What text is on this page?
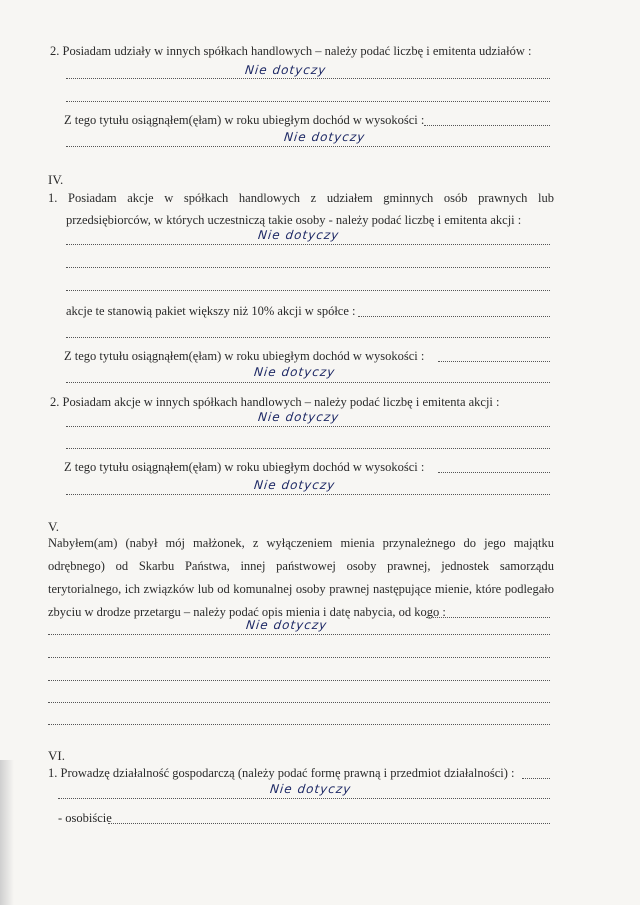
2. Posiadam udziały w innych spółkach handlowych – należy podać liczbę i emitenta udziałów :
Nie dotyczy
Z tego tytułu osiągnąłem(ęłam) w roku ubiegłym dochód w wysokości :
Nie dotyczy
IV.
1. Posiadam akcje w spółkach handlowych z udziałem gminnych osób prawnych lub
przedsiębiorców, w których uczestniczą takie osoby - należy podać liczbę i emitenta akcji :
Nie dotyczy
akcje te stanowią pakiet większy niż 10% akcji w spółce :
Z tego tytułu osiągnąłem(ęłam) w roku ubiegłym dochód w wysokości :
Nie dotyczy
2. Posiadam akcje w innych spółkach handlowych – należy podać liczbę i emitenta akcji :
Nie dotyczy
Z tego tytułu osiągnąłem(ęłam) w roku ubiegłym dochód w wysokości :
Nie dotyczy
V.
Nabyłem(am) (nabył mój małżonek, z wyłączeniem mienia przynależnego do jego majątku
odrębnego) od Skarbu Państwa, innej państwowej osoby prawnej, jednostek samorządu
terytorialnego, ich związków lub od komunalnej osoby prawnej następujące mienie, które podlegało
zbyciu w drodze przetargu – należy podać opis mienia i datę nabycia, od kogo :
Nie dotyczy
VI.
1. Prowadzę działalność gospodarczą (należy podać formę prawną i przedmiot działalności) :
Nie dotyczy
- osobiście
